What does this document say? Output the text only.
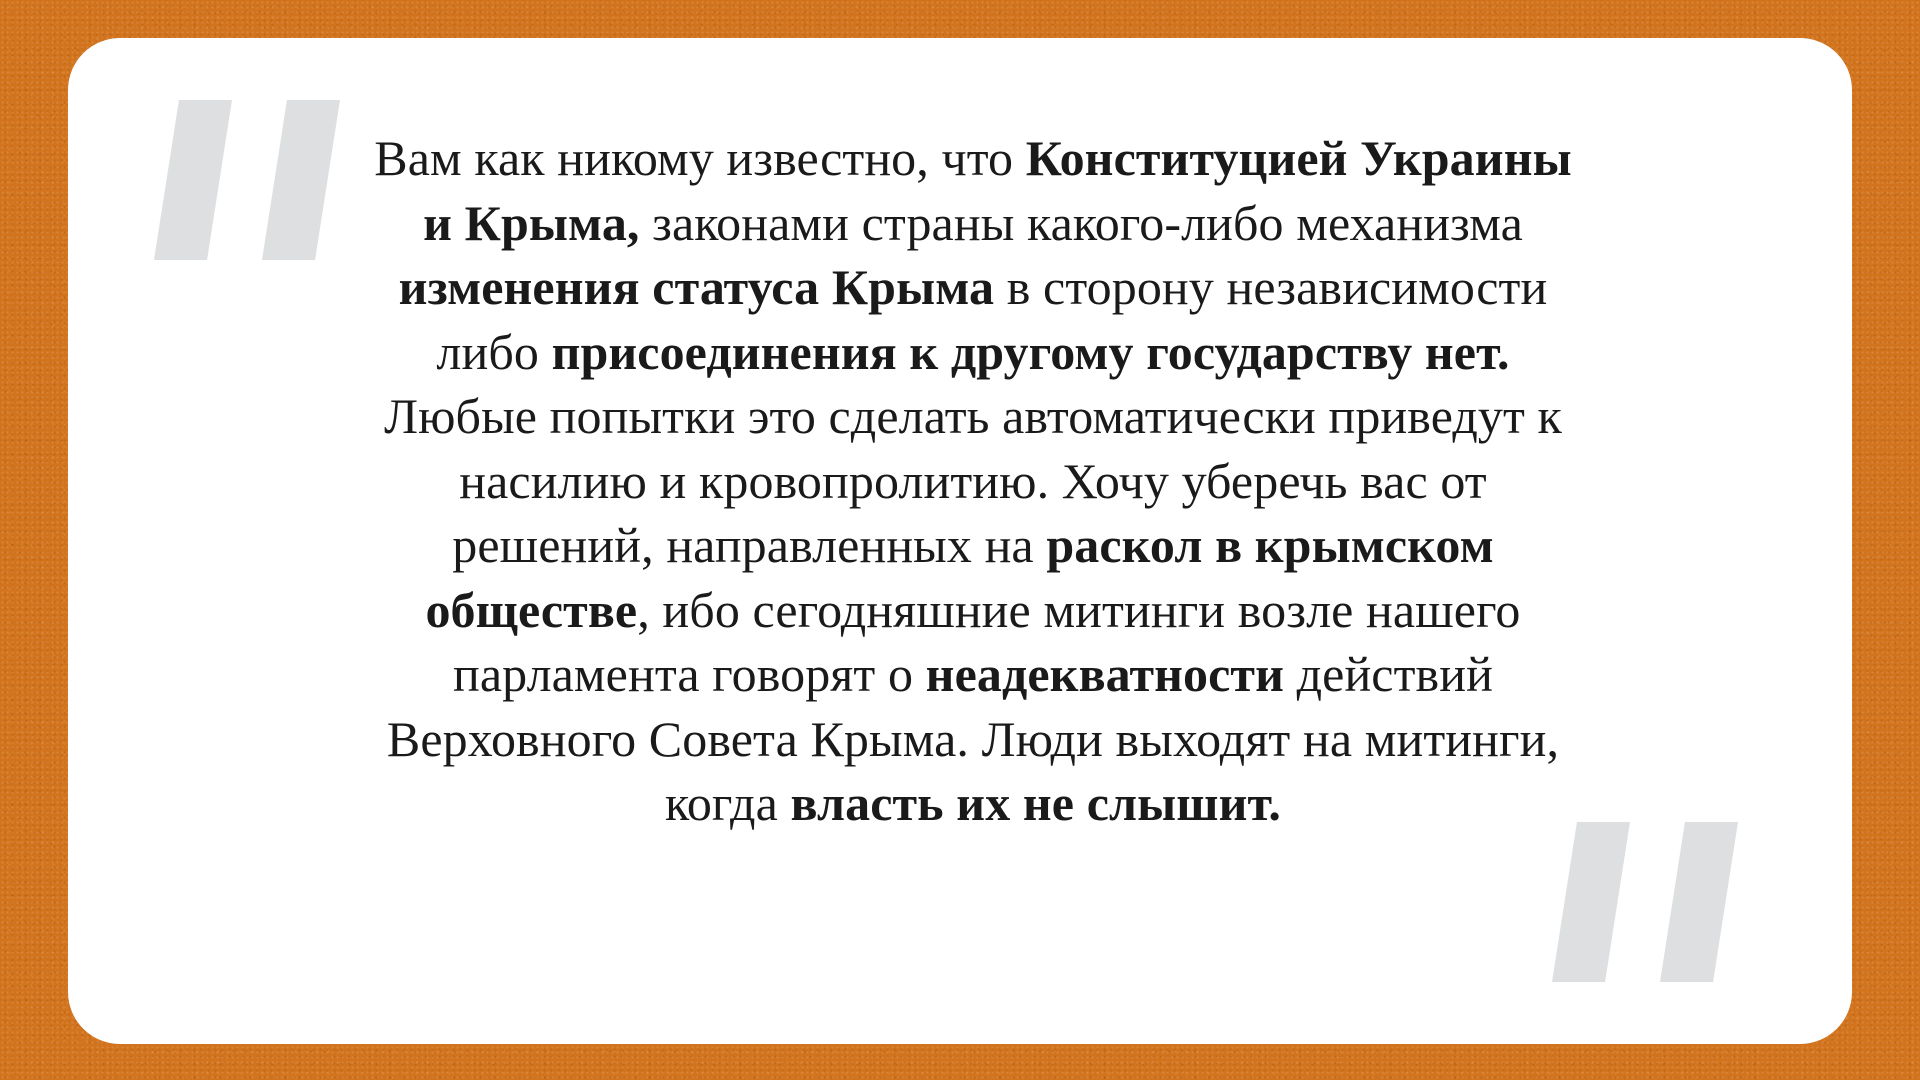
Вам как никому известно, что Конституцией Украины и Крыма, законами страны какого-либо механизма изменения статуса Крыма в сторону независимости либо присоединения к другому государству нет. Любые попытки это сделать автоматически приведут к насилию и кровопролитию. Хочу уберечь вас от решений, направленных на раскол в крымском обществе, ибо сегодняшние митинги возле нашего парламента говорят о неадекватности действий Верховного Совета Крыма. Люди выходят на митинги, когда власть их не слышит.
